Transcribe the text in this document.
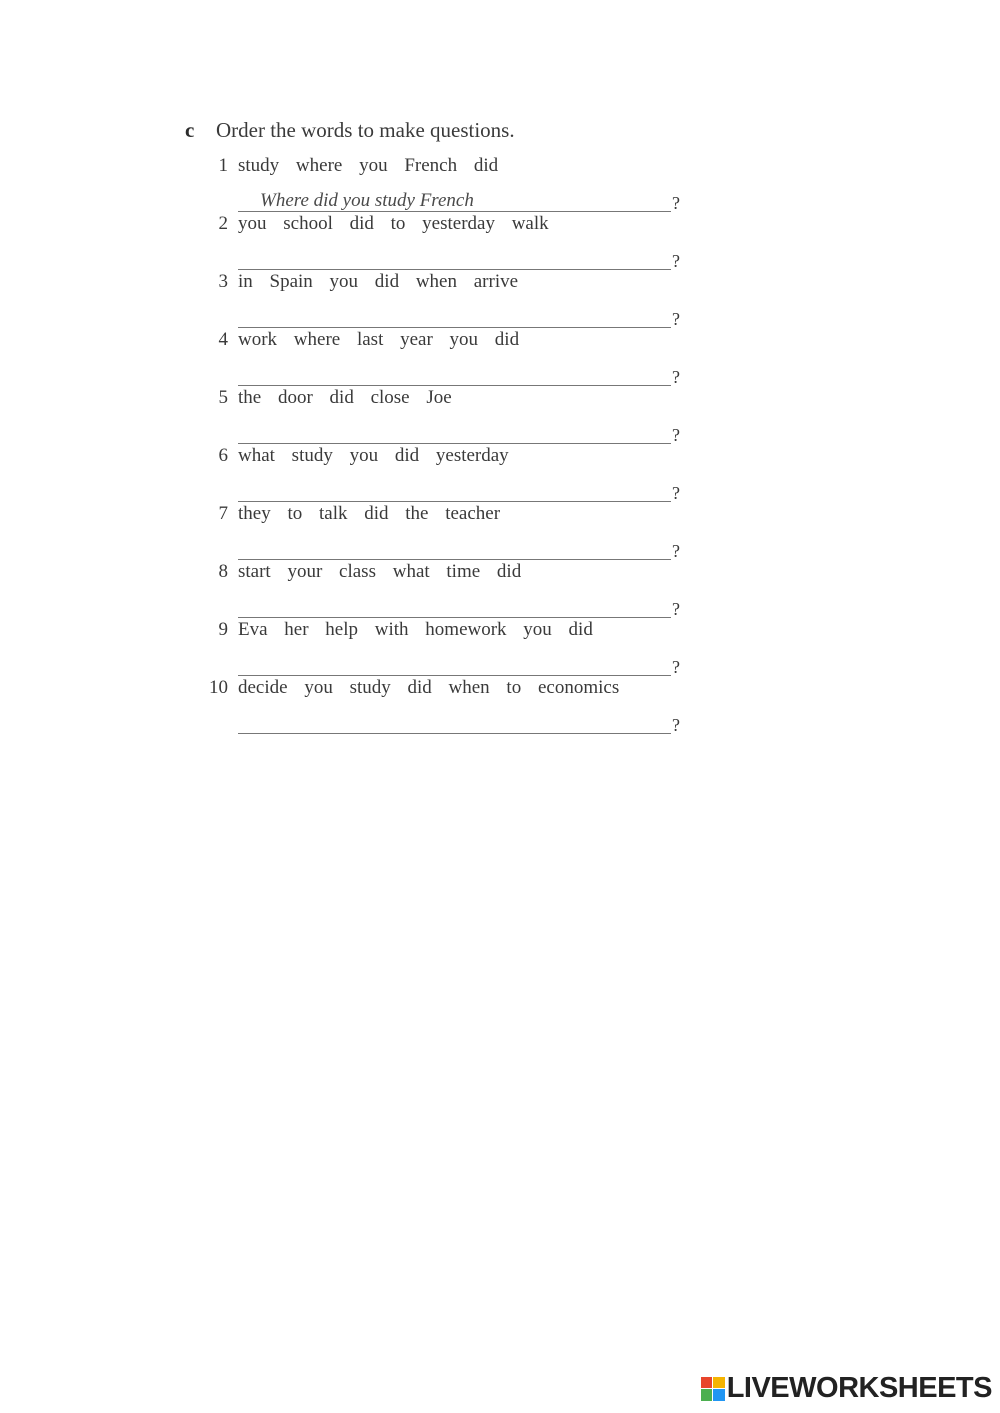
c Order the words to make questions.
1 study where you French did
Where did you study French	?
2 you school did to yesterday walk
?
3 in Spain you did when arrive
?
4 work where last year you did
?
5 the door did close Joe
?
6 what study you did yesterday
?
7 they to talk did the teacher
?
8 start your class what time did
?
9 Eva her help with homework you did
?
10 decide you study did when to economics
?
LIVEWORKSHEETS
